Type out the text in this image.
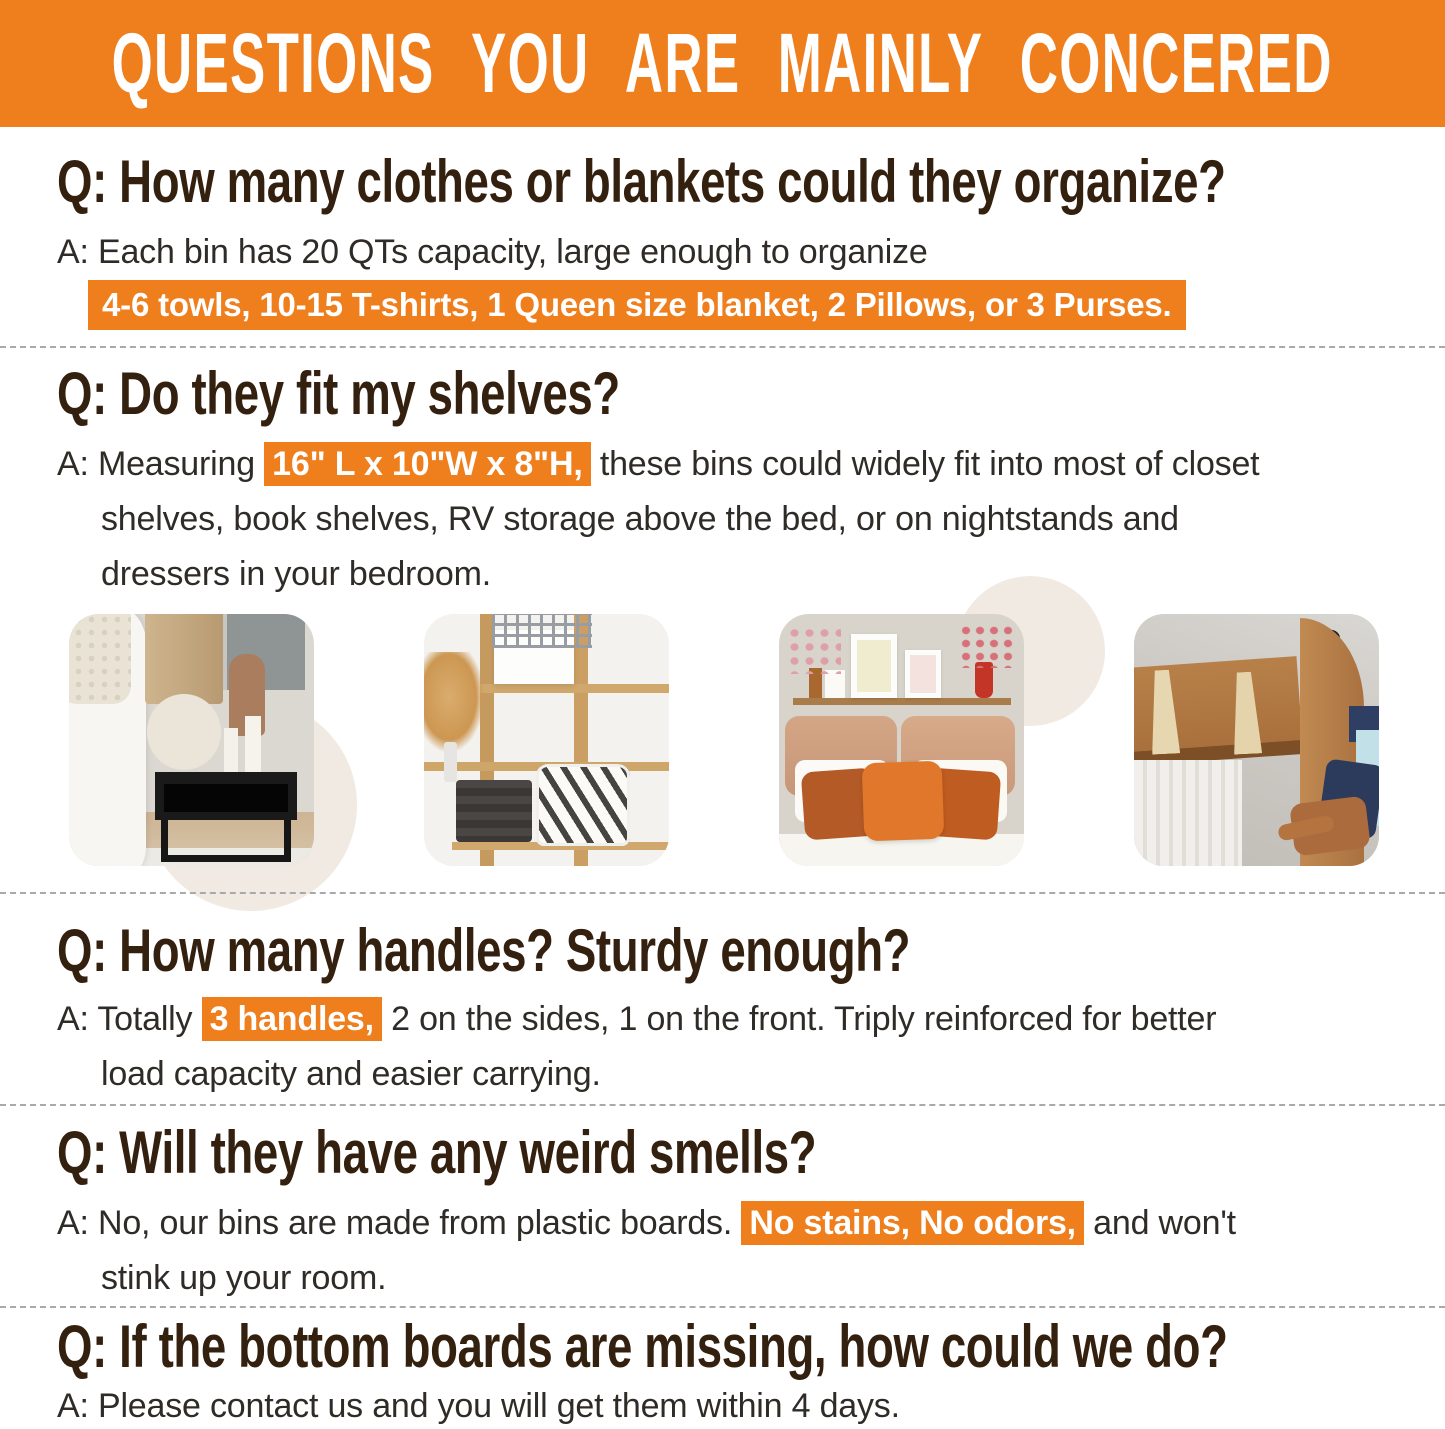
QUESTIONS YOU ARE MAINLY CONCERED
Q: How many clothes or blankets could they organize?
A: Each bin has 20 QTs capacity, large enough to organize
4-6 towls, 10-15 T-shirts, 1 Queen size blanket, 2 Pillows, or 3 Purses.
Q: Do they fit my shelves?
A: Measuring 16" L x 10"W x 8"H, these bins could widely fit into most of closet
shelves, book shelves, RV storage above the bed, or on nightstands and
dressers in your bedroom.
Q: How many handles? Sturdy enough?
A: Totally 3 handles, 2 on the sides, 1 on the front. Triply reinforced for better
load capacity and easier carrying.
Q: Will they have any weird smells?
A: No, our bins are made from plastic boards. No stains, No odors, and won't
stink up your room.
Q: If the bottom boards are missing, how could we do?
A: Please contact us and you will get them within 4 days.
